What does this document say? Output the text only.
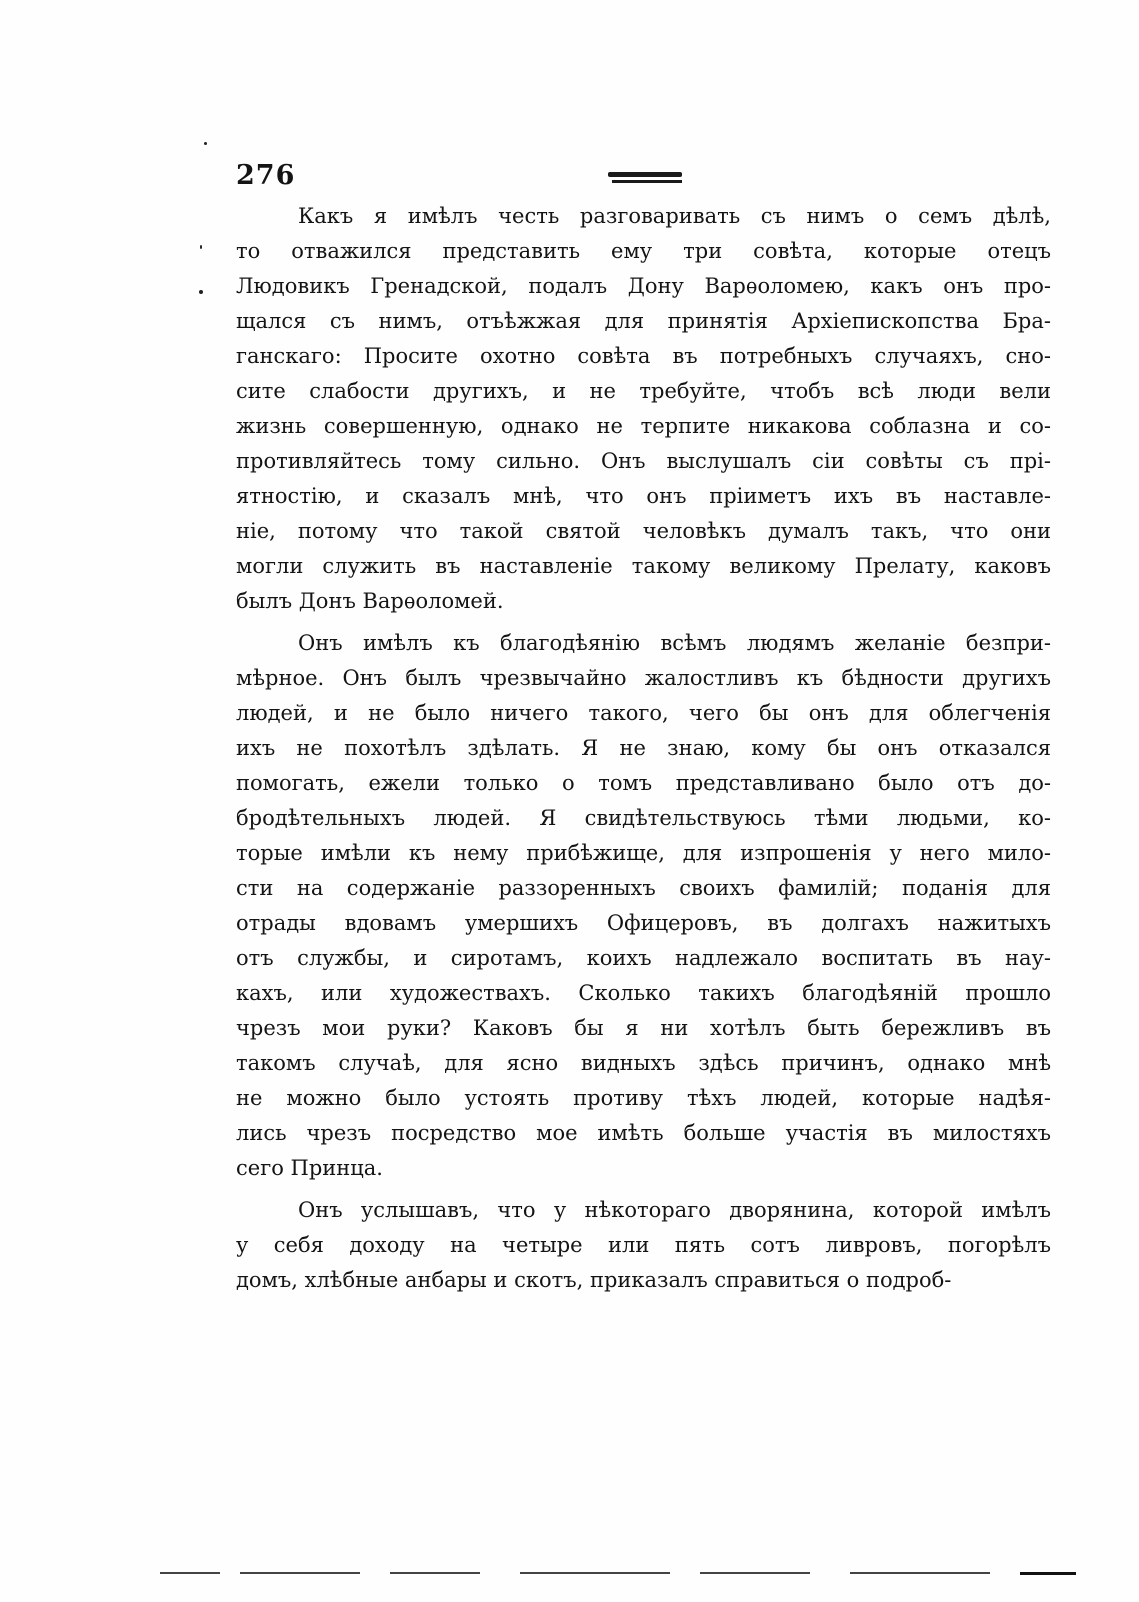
276
Какъ я имѣлъ честь разговаривать съ нимъ о семъ дѣлѣ,
то отважился представить ему три совѣта, которые отецъ
Людовикъ Гренадской, подалъ Дону Варѳоломею, какъ онъ про-
щался съ нимъ, отъѣжжая для принятія Архіепископства Бра-
ганскаго: Просите охотно совѣта въ потребныхъ случаяхъ, сно-
сите слабости другихъ, и не требуйте, чтобъ всѣ люди вели
жизнь совершенную, однако не терпите никакова соблазна и со-
противляйтесь тому сильно. Онъ выслушалъ сіи совѣты съ прі-
ятностію, и сказалъ мнѣ, что онъ пріиметъ ихъ въ наставле-
ніе, потому что такой святой человѣкъ думалъ такъ, что они
могли служить въ наставленіе такому великому Прелату, каковъ
былъ Донъ Варѳоломей.
Онъ имѣлъ къ благодѣянію всѣмъ людямъ желаніе безпри-
мѣрное. Онъ былъ чрезвычайно жалостливъ къ бѣдности другихъ
людей, и не было ничего такого, чего бы онъ для облегченія
ихъ не похотѣлъ здѣлать. Я не знаю, кому бы онъ отказался
помогать, ежели только о томъ представливано было отъ до-
бродѣтельныхъ людей. Я свидѣтельствуюсь тѣми людьми, ко-
торые имѣли къ нему прибѣжище, для изпрошенія у него мило-
сти на содержаніе раззоренныхъ своихъ фамилій; поданія для
отрады вдовамъ умершихъ Офицеровъ, въ долгахъ нажитыхъ
отъ службы, и сиротамъ, коихъ надлежало воспитать въ нау-
кахъ, или художествахъ. Сколько такихъ благодѣяній прошло
чрезъ мои руки? Каковъ бы я ни хотѣлъ быть бережливъ въ
такомъ случаѣ, для ясно видныхъ здѣсь причинъ, однако мнѣ
не можно было устоять противу тѣхъ людей, которые надѣя-
лись чрезъ посредство мое имѣть больше участія въ милостяхъ
сего Принца.
Онъ услышавъ, что у нѣкотораго дворянина, которой имѣлъ
у себя доходу на четыре или пять сотъ ливровъ, погорѣлъ
домъ, хлѣбные анбары и скотъ, приказалъ справиться о подроб-
